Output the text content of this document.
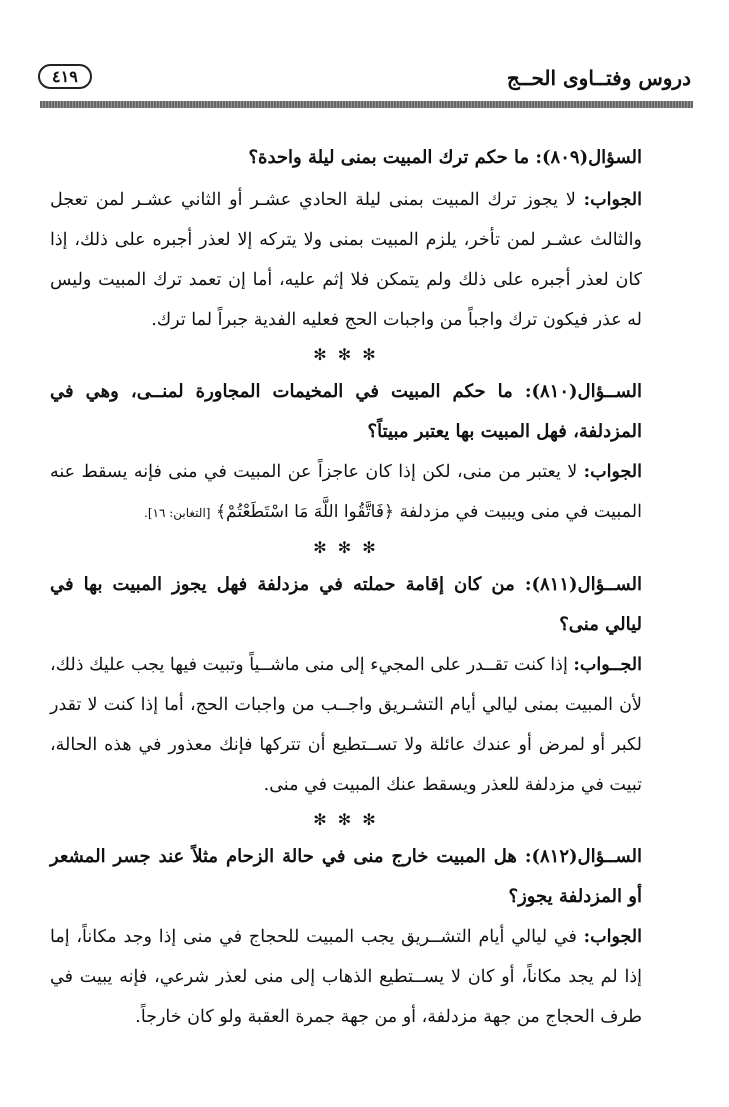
دروس وفتــاوى الحــج
٤١٩

السؤال(٨٠٩): ما حكم ترك المبيت بمنى ليلة واحدة؟

الجواب: لا يجوز ترك المبيت بمنى ليلة الحادي عشـر أو الثاني عشـر لمن تعجل والثالث عشـر لمن تأخر، يلزم المبيت بمنى ولا يتركه إلا لعذر أجبره على ذلك، إذا كان لعذر أجبره على ذلك ولم يتمكن فلا إثم عليه، أما إن تعمد ترك المبيت وليس له عذر فيكون ترك واجباً من واجبات الحج فعليه الفدية جبراً لما ترك.

✻ ✻ ✻

الســؤال(٨١٠): ما حكم المبيت في المخيمات المجاورة لمنــى، وهي في المزدلفة، فهل المبيت بها يعتبر مبيتاً؟

الجواب: لا يعتبر من منى، لكن إذا كان عاجزاً عن المبيت في منى فإنه يسقط عنه المبيت في منى ويبيت في مزدلفة ﴿فَاتَّقُوا اللَّهَ مَا اسْتَطَعْتُمْ﴾ [التغابن: ١٦].

✻ ✻ ✻

الســؤال(٨١١): من كان إقامة حملته في مزدلفة فهل يجوز المبيت بها في ليالي منى؟

الجــواب: إذا كنت تقــدر على المجيء إلى منى ماشــياً وتبيت فيها يجب عليك ذلك، لأن المبيت بمنى ليالي أيام التشـريق واجــب من واجبات الحج، أما إذا كنت لا تقدر لكبر أو لمرض أو عندك عائلة ولا تســتطيع أن تتركها فإنك معذور في هذه الحالة، تبيت في مزدلفة للعذر ويسقط عنك المبيت في منى.

✻ ✻ ✻

الســؤال(٨١٢): هل المبيت خارج منى في حالة الزحام مثلاً عند جسر المشعر أو المزدلفة يجوز؟

الجواب: في ليالي أيام التشــريق يجب المبيت للحجاج في منى إذا وجد مكاناً، إما إذا لم يجد مكاناً، أو كان لا يســتطيع الذهاب إلى منى لعذر شرعي، فإنه يبيت في طرف الحجاج من جهة مزدلفة، أو من جهة جمرة العقبة ولو كان خارجاً.
